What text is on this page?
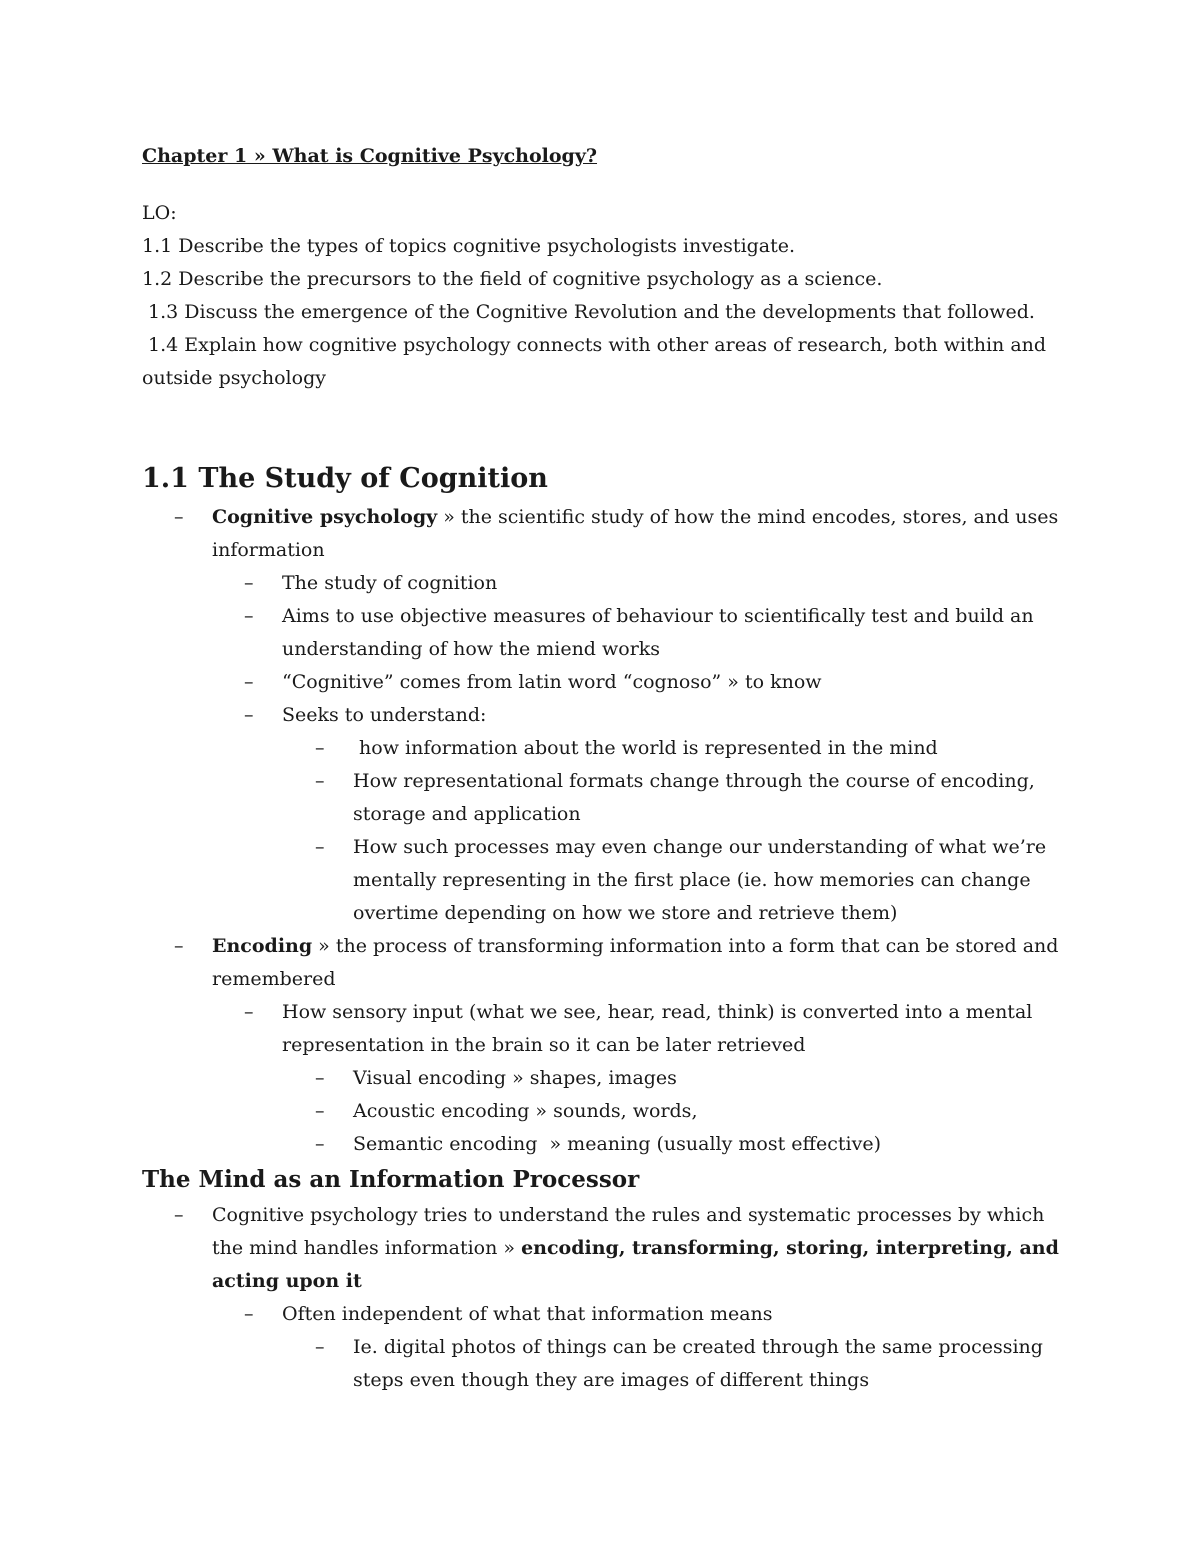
Chapter 1 » What is Cognitive Psychology?

LO:

1.1 Describe the types of topics cognitive psychologists investigate.

1.2 Describe the precursors to the field of cognitive psychology as a science.

1.3 Discuss the emergence of the Cognitive Revolution and the developments that followed.

1.4 Explain how cognitive psychology connects with other areas of research, both within and outside psychology

1.1 The Study of Cognition

– Cognitive psychology » the scientific study of how the mind encodes, stores, and uses information

– The study of cognition

– Aims to use objective measures of behaviour to scientifically test and build an understanding of how the miend works

– “Cognitive” comes from latin word “cognoso” » to know

– Seeks to understand:

– how information about the world is represented in the mind

– How representational formats change through the course of encoding, storage and application

– How such processes may even change our understanding of what we’re mentally representing in the first place (ie. how memories can change overtime depending on how we store and retrieve them)

– Encoding » the process of transforming information into a form that can be stored and remembered

– How sensory input (what we see, hear, read, think) is converted into a mental representation in the brain so it can be later retrieved

– Visual encoding » shapes, images

– Acoustic encoding » sounds, words,

– Semantic encoding  » meaning (usually most effective)

The Mind as an Information Processor

– Cognitive psychology tries to understand the rules and systematic processes by which the mind handles information » encoding, transforming, storing, interpreting, and acting upon it

– Often independent of what that information means

– Ie. digital photos of things can be created through the same processing steps even though they are images of different things
